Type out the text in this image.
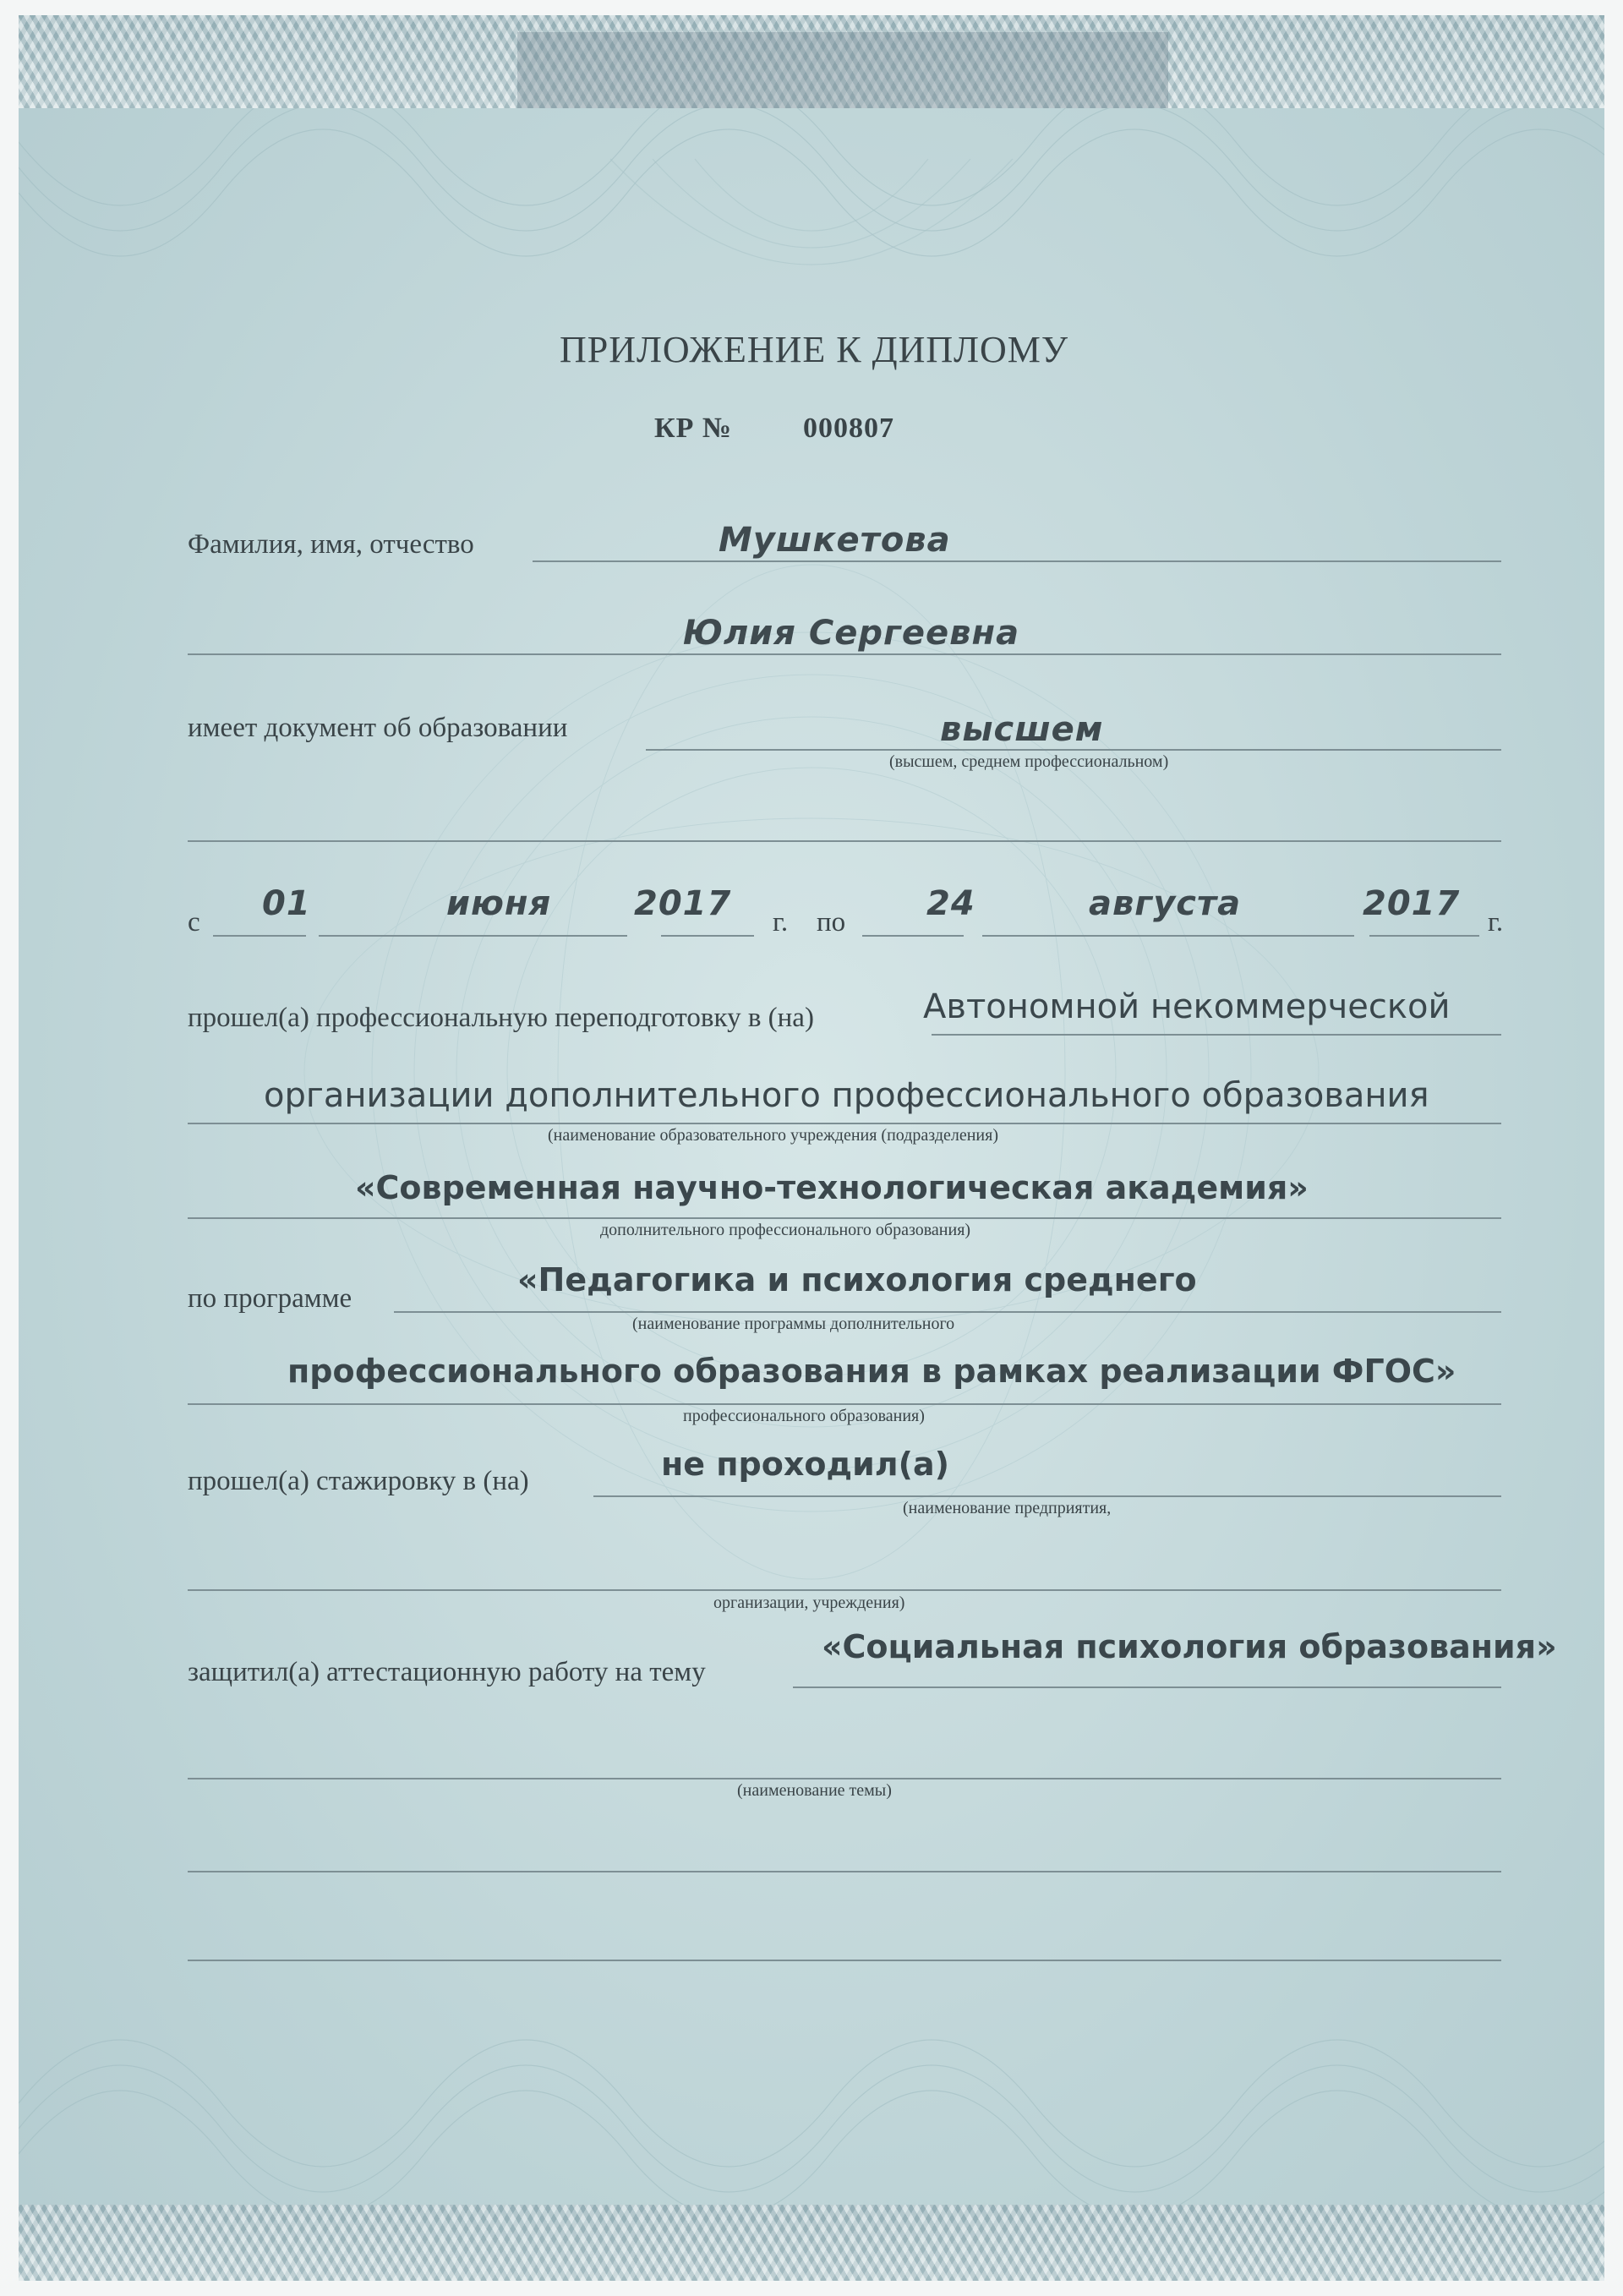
ПРИЛОЖЕНИЕ К ДИПЛОМУ
КР № 000807
Фамилия, имя, отчество	Мушкетова
Юлия Сергеевна
имеет документ об образовании	высшем
(высшем, среднем профессиональном)
с 01	июня 2017 г. по 24	августа	2017 г.
прошел(а) профессиональную переподготовку в (на)	Автономной некоммерческой
организации дополнительного профессионального образования
(наименование образовательного учреждения (подразделения)
«Современная научно-технологическая академия»
дополнительного профессионального образования)
по программе	«Педагогика и психология среднего
(наименование программы дополнительного
профессионального образования в рамках реализации ФГОС»
профессионального образования)
прошел(а) стажировку в (на)	не проходил(а)
(наименование предприятия,
организации, учреждения)
защитил(а) аттестационную работу на тему
«Социальная психология образования»
(наименование темы)
